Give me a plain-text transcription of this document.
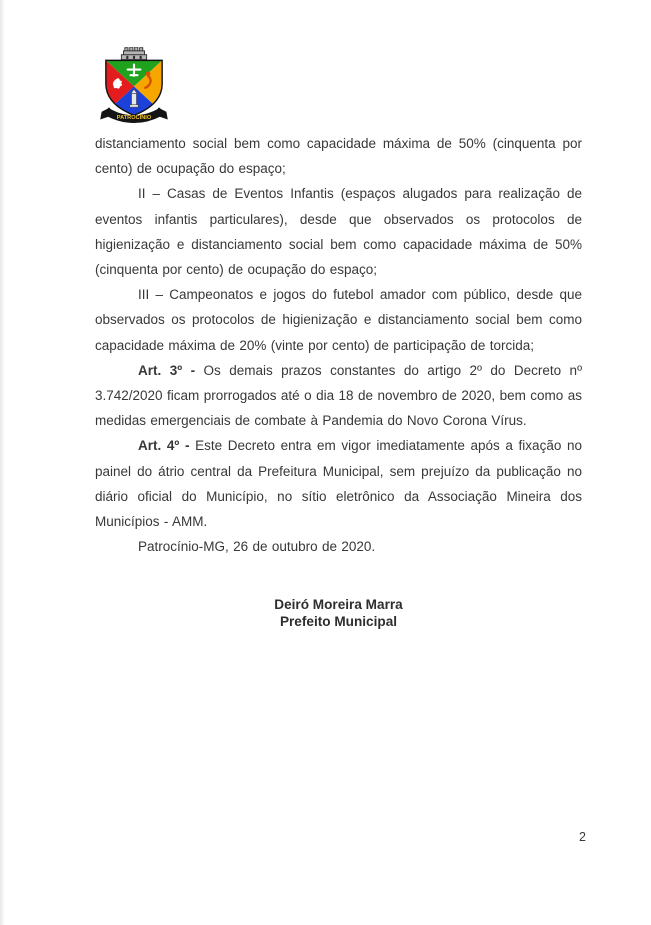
PATROCÍNIO

distanciamento social bem como capacidade máxima de 50% (cinquenta por cento) de ocupação do espaço;

II – Casas de Eventos Infantis (espaços alugados para realização de eventos infantis particulares), desde que observados os protocolos de higienização e distanciamento social bem como capacidade máxima de 50% (cinquenta por cento) de ocupação do espaço;

III – Campeonatos e jogos do futebol amador com público, desde que observados os protocolos de higienização e distanciamento social bem como capacidade máxima de 20% (vinte por cento) de participação de torcida;

Art. 3º - Os demais prazos constantes do artigo 2º do Decreto nº 3.742/2020 ficam prorrogados até o dia 18 de novembro de 2020, bem como as medidas emergenciais de combate à Pandemia do Novo Corona Vírus.

Art. 4º - Este Decreto entra em vigor imediatamente após a fixação no painel do átrio central da Prefeitura Municipal, sem prejuízo da publicação no diário oficial do Município, no sítio eletrônico da Associação Mineira dos Municípios - AMM.

Patrocínio-MG, 26 de outubro de 2020.

Deiró Moreira Marra
Prefeito Municipal
2
